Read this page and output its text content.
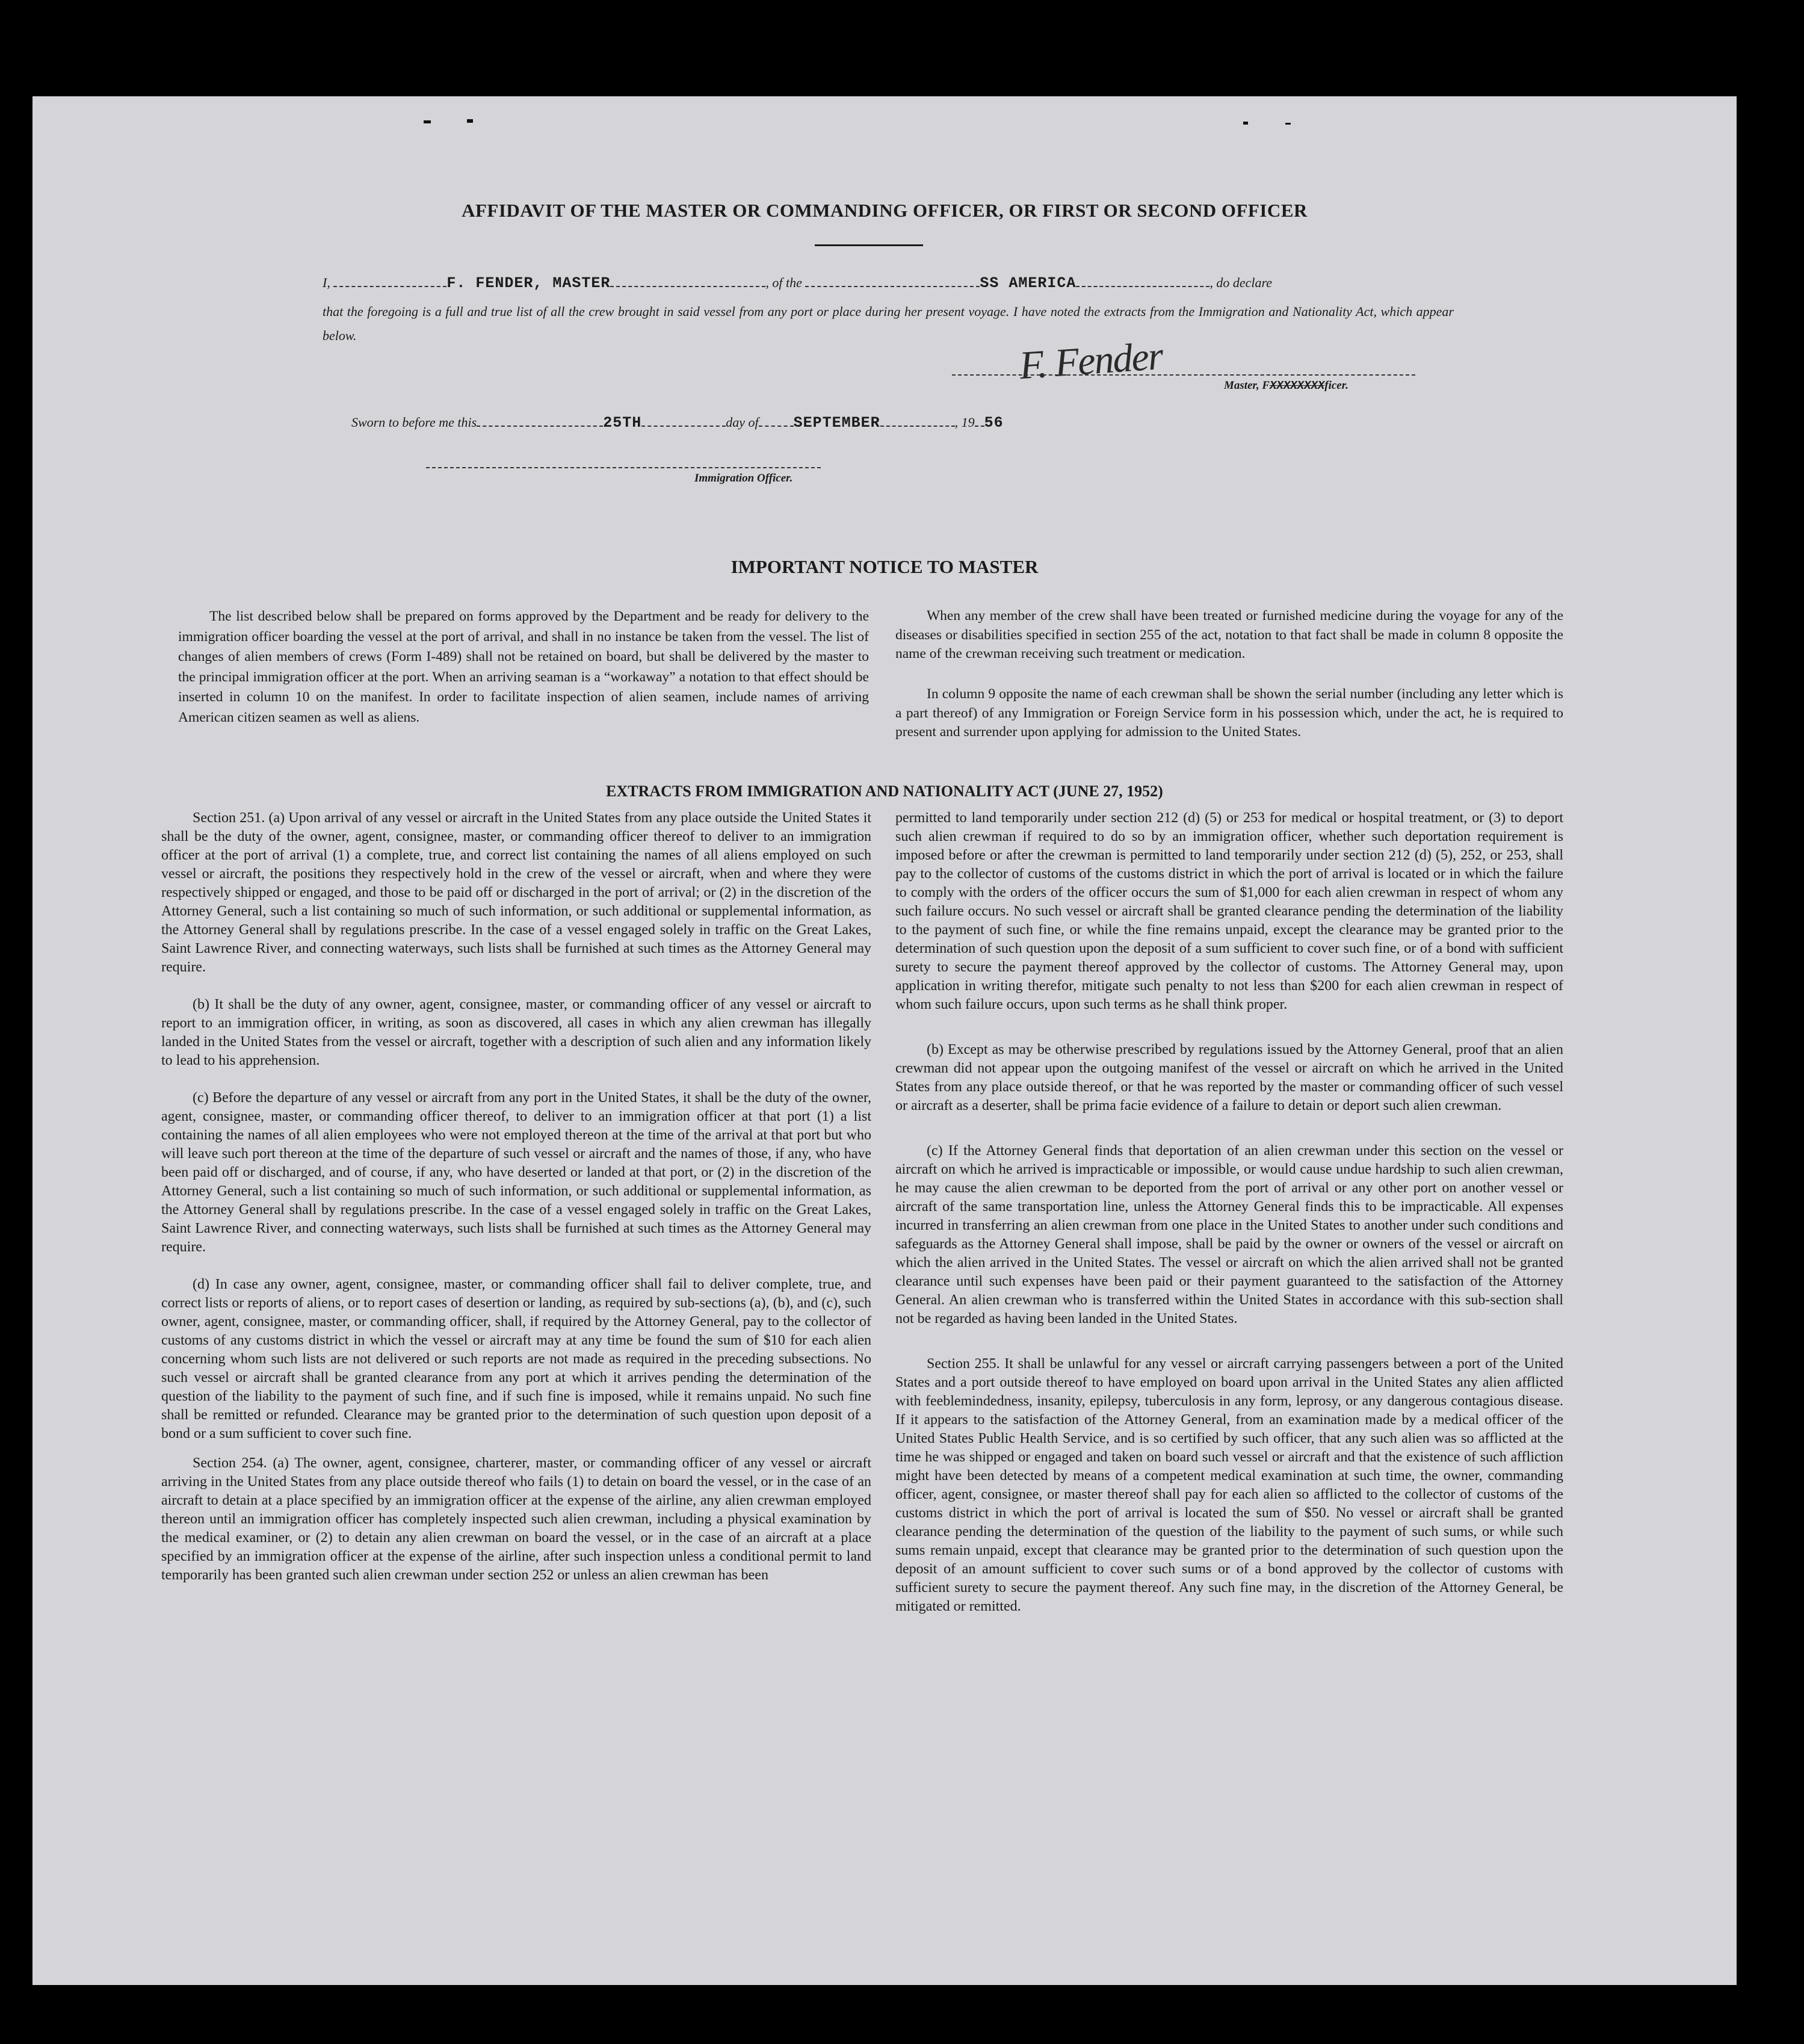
AFFIDAVIT OF THE MASTER OR COMMANDING OFFICER, OR FIRST OR SECOND OFFICER
I,	F. FENDER, MASTER	, of the	SS AMERICA	, do declare
that the foregoing is a full and true list of all the crew brought in said vessel from any port or place during her present voyage. I have noted the extracts from the Immigration and Nationality Act, which appear below.	F. Fender	Master, FXXXXXXXXficer.
Sworn to before me this	25TH	day of SEPTEMBER	, 19 56
Immigration Officer.
IMPORTANT NOTICE TO MASTER
The list described below shall be prepared on forms approved by the Department and be ready for delivery to the immigration officer boarding the vessel at the port of arrival, and shall in no instance be taken from the vessel. The list of changes of alien members of crews (Form I-489) shall not be retained on board, but shall be delivered by the master to the principal immigration officer at the port. When an arriving seaman is a “workaway” a notation to that effect should be inserted in column 10 on the manifest. In order to facilitate inspection of alien seamen, include names of arriving American citizen seamen as well as aliens.
When any member of the crew shall have been treated or furnished medicine during the voyage for any of the diseases or disabilities specified in section 255 of the act, notation to that fact shall be made in column 8 opposite the name of the crewman receiving such treatment or medication.
In column 9 opposite the name of each crewman shall be shown the serial number (including any letter which is a part thereof) of any Immigration or Foreign Service form in his possession which, under the act, he is required to present and surrender upon applying for admission to the United States.
EXTRACTS FROM IMMIGRATION AND NATIONALITY ACT (JUNE 27, 1952)

Section 251. (a) Upon arrival of any vessel or aircraft in the United States from any place outside the United States it shall be the duty of the owner, agent, consignee, master, or commanding officer thereof to deliver to an immigration officer at the port of arrival (1) a complete, true, and correct list containing the names of all aliens employed on such vessel or aircraft, the positions they respectively hold in the crew of the vessel or aircraft, when and where they were respectively shipped or engaged, and those to be paid off or discharged in the port of arrival; or (2) in the discretion of the Attorney General, such a list containing so much of such information, or such additional or supplemental information, as the Attorney General shall by regulations prescribe. In the case of a vessel engaged solely in traffic on the Great Lakes, Saint Lawrence River, and connecting waterways, such lists shall be furnished at such times as the Attorney General may require.

(b) It shall be the duty of any owner, agent, consignee, master, or commanding officer of any vessel or aircraft to report to an immigration officer, in writing, as soon as discovered, all cases in which any alien crewman has illegally landed in the United States from the vessel or aircraft, together with a description of such alien and any information likely to lead to his apprehension.

(c) Before the departure of any vessel or aircraft from any port in the United States, it shall be the duty of the owner, agent, consignee, master, or commanding officer thereof, to deliver to an immigration officer at that port (1) a list containing the names of all alien employees who were not employed thereon at the time of the arrival at that port but who will leave such port thereon at the time of the departure of such vessel or aircraft and the names of those, if any, who have been paid off or discharged, and of course, if any, who have deserted or landed at that port, or (2) in the discretion of the Attorney General, such a list containing so much of such information, or such additional or supplemental information, as the Attorney General shall by regulations prescribe. In the case of a vessel engaged solely in traffic on the Great Lakes, Saint Lawrence River, and connecting waterways, such lists shall be furnished at such times as the Attorney General may require.

(d) In case any owner, agent, consignee, master, or commanding officer shall fail to deliver complete, true, and correct lists or reports of aliens, or to report cases of desertion or landing, as required by sub-sections (a), (b), and (c), such owner, agent, consignee, master, or commanding officer, shall, if required by the Attorney General, pay to the collector of customs of any customs district in which the vessel or aircraft may at any time be found the sum of $10 for each alien concerning whom such lists are not delivered or such reports are not made as required in the preceding subsections. No such vessel or aircraft shall be granted clearance from any port at which it arrives pending the determination of the question of the liability to the payment of such fine, and if such fine is imposed, while it remains unpaid. No such fine shall be remitted or refunded. Clearance may be granted prior to the determination of such question upon deposit of a bond or a sum sufficient to cover such fine.

Section 254. (a) The owner, agent, consignee, charterer, master, or commanding officer of any vessel or aircraft arriving in the United States from any place outside thereof who fails (1) to detain on board the vessel, or in the case of an aircraft to detain at a place specified by an immigration officer at the expense of the airline, any alien crewman employed thereon until an immigration officer has completely inspected such alien crewman, including a physical examination by the medical examiner, or (2) to detain any alien crewman on board the vessel, or in the case of an aircraft at a place specified by an immigration officer at the expense of the airline, after such inspection unless a conditional permit to land temporarily has been granted such alien crewman under section 252 or unless an alien crewman has been

permitted to land temporarily under section 212 (d) (5) or 253 for medical or hospital treatment, or (3) to deport such alien crewman if required to do so by an immigration officer, whether such deportation requirement is imposed before or after the crewman is permitted to land temporarily under section 212 (d) (5), 252, or 253, shall pay to the collector of customs of the customs district in which the port of arrival is located or in which the failure to comply with the orders of the officer occurs the sum of $1,000 for each alien crewman in respect of whom any such failure occurs. No such vessel or aircraft shall be granted clearance pending the determination of the liability to the payment of such fine, or while the fine remains unpaid, except the clearance may be granted prior to the determination of such question upon the deposit of a sum sufficient to cover such fine, or of a bond with sufficient surety to secure the payment thereof approved by the collector of customs. The Attorney General may, upon application in writing therefor, mitigate such penalty to not less than $200 for each alien crewman in respect of whom such failure occurs, upon such terms as he shall think proper.

(b) Except as may be otherwise prescribed by regulations issued by the Attorney General, proof that an alien crewman did not appear upon the outgoing manifest of the vessel or aircraft on which he arrived in the United States from any place outside thereof, or that he was reported by the master or commanding officer of such vessel or aircraft as a deserter, shall be prima facie evidence of a failure to detain or deport such alien crewman.

(c) If the Attorney General finds that deportation of an alien crewman under this section on the vessel or aircraft on which he arrived is impracticable or impossible, or would cause undue hardship to such alien crewman, he may cause the alien crewman to be deported from the port of arrival or any other port on another vessel or aircraft of the same transportation line, unless the Attorney General finds this to be impracticable. All expenses incurred in transferring an alien crewman from one place in the United States to another under such conditions and safeguards as the Attorney General shall impose, shall be paid by the owner or owners of the vessel or aircraft on which the alien arrived in the United States. The vessel or aircraft on which the alien arrived shall not be granted clearance until such expenses have been paid or their payment guaranteed to the satisfaction of the Attorney General. An alien crewman who is transferred within the United States in accordance with this sub-section shall not be regarded as having been landed in the United States.

Section 255. It shall be unlawful for any vessel or aircraft carrying passengers between a port of the United States and a port outside thereof to have employed on board upon arrival in the United States any alien afflicted with feeblemindedness, insanity, epilepsy, tuberculosis in any form, leprosy, or any dangerous contagious disease. If it appears to the satisfaction of the Attorney General, from an examination made by a medical officer of the United States Public Health Service, and is so certified by such officer, that any such alien was so afflicted at the time he was shipped or engaged and taken on board such vessel or aircraft and that the existence of such affliction might have been detected by means of a competent medical examination at such time, the owner, commanding officer, agent, consignee, or master thereof shall pay for each alien so afflicted to the collector of customs of the customs district in which the port of arrival is located the sum of $50. No vessel or aircraft shall be granted clearance pending the determination of the question of the liability to the payment of such sums, or while such sums remain unpaid, except that clearance may be granted prior to the determination of such question upon the deposit of an amount sufficient to cover such sums or of a bond approved by the collector of customs with sufficient surety to secure the payment thereof. Any such fine may, in the discretion of the Attorney General, be mitigated or remitted.
